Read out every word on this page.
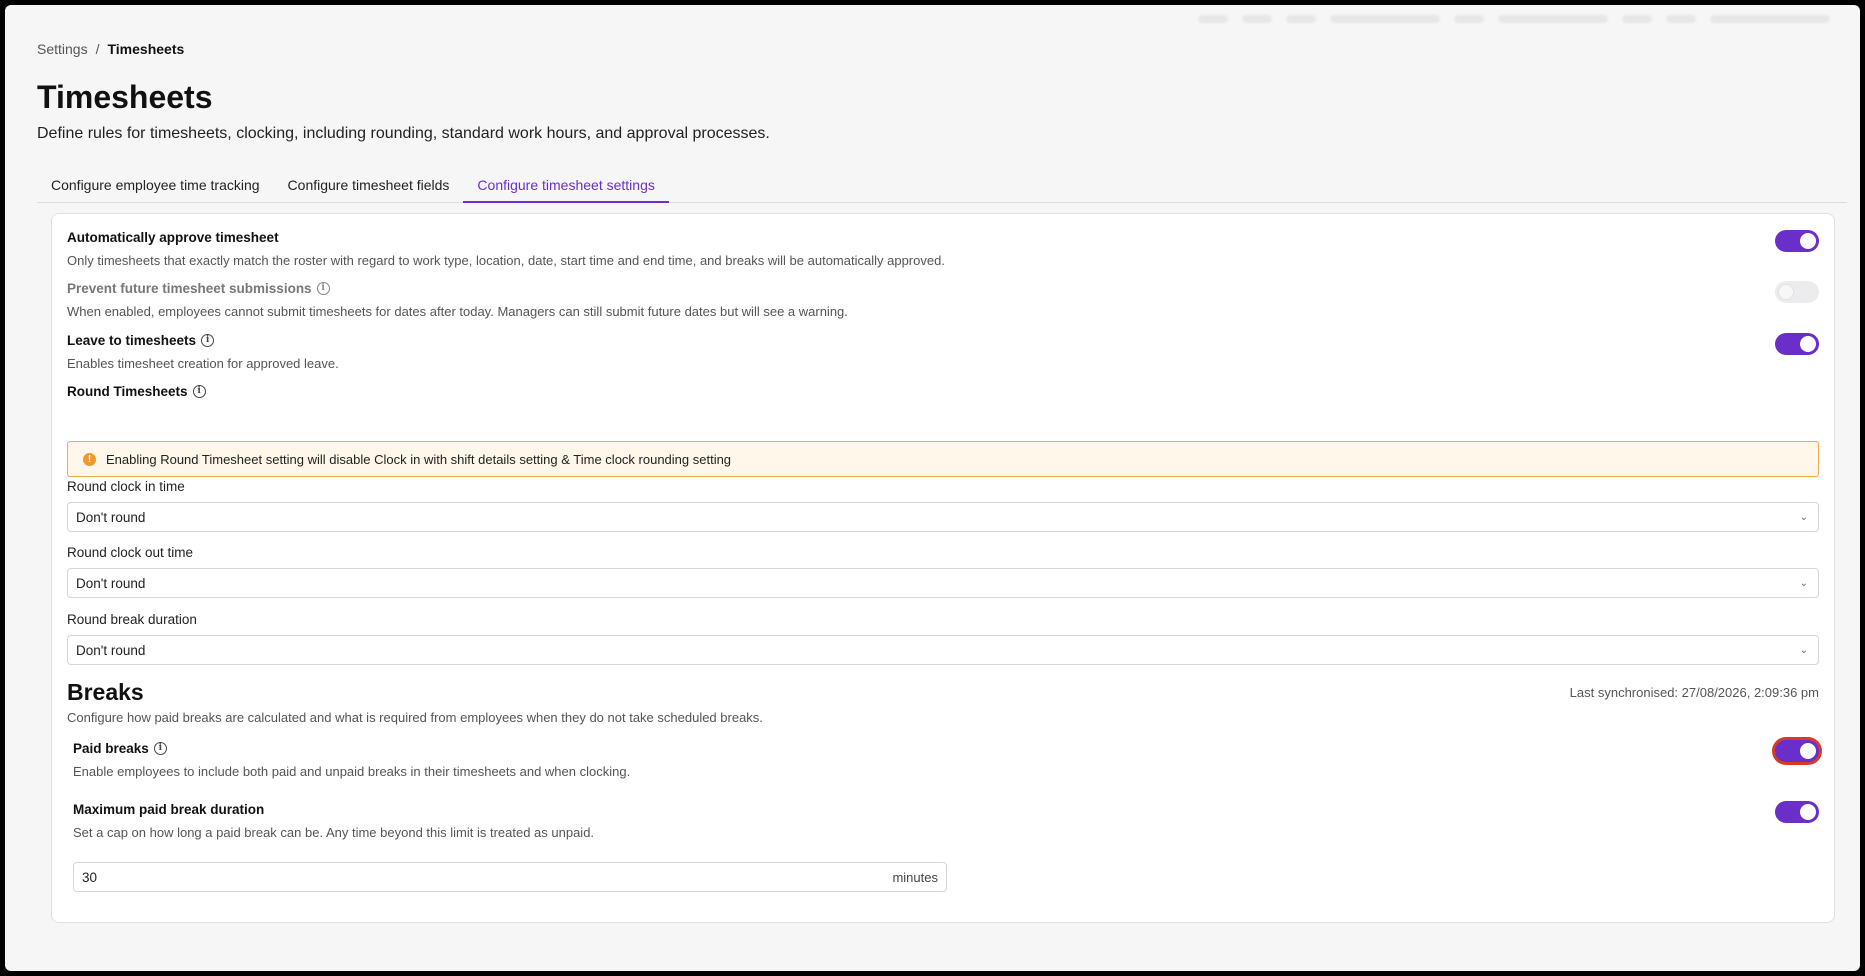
Settings / Timesheets
Timesheets
Define rules for timesheets, clocking, including rounding, standard work hours, and approval processes.
Configure employee time tracking	Configure timesheet fields	Configure timesheet settings
Automatically approve timesheet
Only timesheets that exactly match the roster with regard to work type, location, date, start time and end time, and breaks will be automatically approved.
Prevent future timesheet submissions	i
When enabled, employees cannot submit timesheets for dates after today. Managers can still submit future dates but will see a warning.
Leave to timesheets	i
Enables timesheet creation for approved leave.
Round Timesheets	i
!	Enabling Round Timesheet setting will disable Clock in with shift details setting & Time clock rounding setting
Round clock in time
Don't round	⌄
Round clock out time
Don't round	⌄
Round break duration
Don't round	⌄
Breaks	Last synchronised: 27/08/2026, 2:09:36 pm
Configure how paid breaks are calculated and what is required from employees when they do not take scheduled breaks.
Paid breaks	i
Enable employees to include both paid and unpaid breaks in their timesheets and when clocking.
Maximum paid break duration
Set a cap on how long a paid break can be. Any time beyond this limit is treated as unpaid.
30	minutes
